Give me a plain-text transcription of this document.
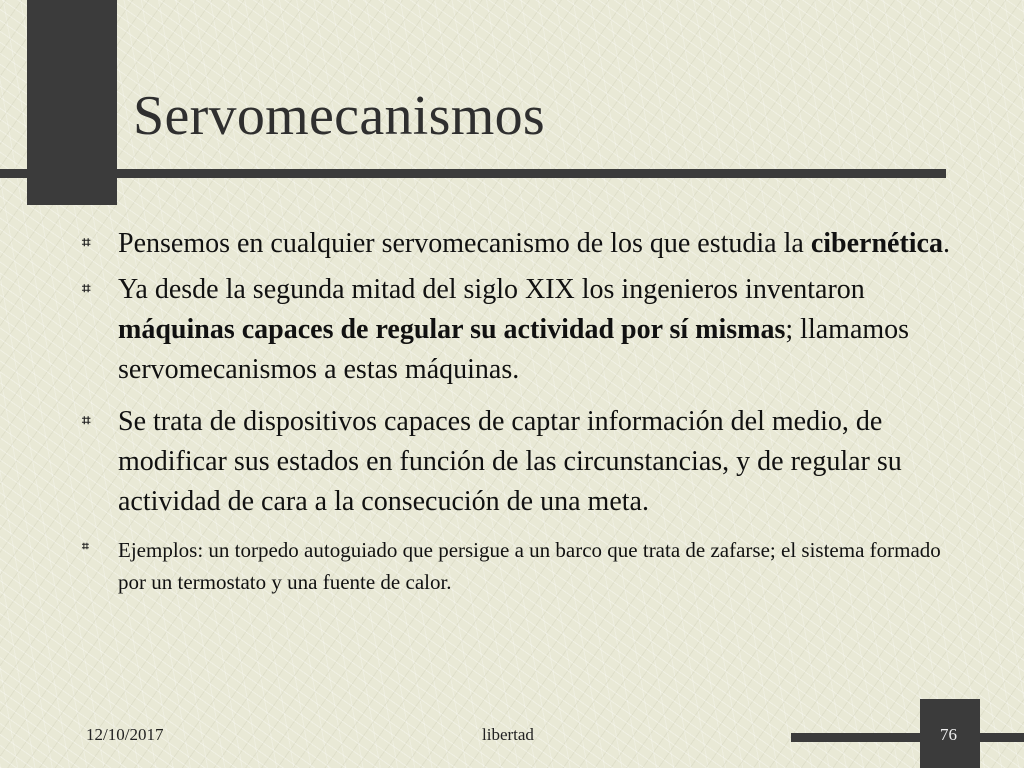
Servomecanismos
⌗ Pensemos en cualquier servomecanismo de los que estudia la cibernética.
⌗ Ya desde la segunda mitad del siglo XIX los ingenieros inventaron máquinas capaces de regular su actividad por sí mismas; llamamos servomecanismos a estas máquinas.
⌗ Se trata de dispositivos capaces de captar información del medio, de modificar sus estados en función de las circunstancias, y de regular su actividad de cara a la consecución de una meta.
⌗	Ejemplos: un torpedo autoguiado que persigue a un barco que trata de zafarse; el sistema formado por un termostato y una fuente de calor.
12/10/2017	libertad	76
